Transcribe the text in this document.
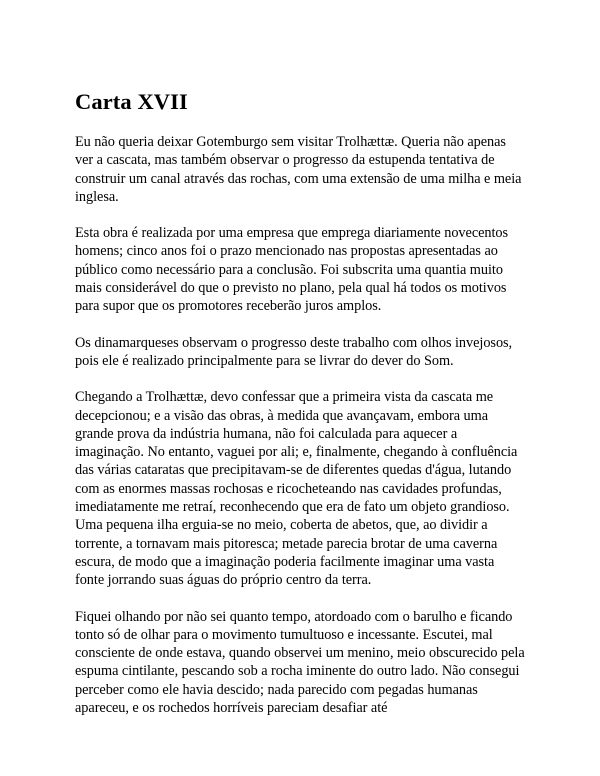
Carta XVII

Eu não queria deixar Gotemburgo sem visitar Trolhættæ. Queria não apenas ver a cascata, mas também observar o progresso da estupenda tentativa de construir um canal através das rochas, com uma extensão de uma milha e meia inglesa.

Esta obra é realizada por uma empresa que emprega diariamente novecentos homens; cinco anos foi o prazo mencionado nas propostas apresentadas ao público como necessário para a conclusão. Foi subscrita uma quantia muito mais considerável do que o previsto no plano, pela qual há todos os motivos para supor que os promotores receberão juros amplos.

Os dinamarqueses observam o progresso deste trabalho com olhos invejosos, pois ele é realizado principalmente para se livrar do dever do Som.

Chegando a Trolhættæ, devo confessar que a primeira vista da cascata me decepcionou; e a visão das obras, à medida que avançavam, embora uma grande prova da indústria humana, não foi calculada para aquecer a imaginação. No entanto, vaguei por ali; e, finalmente, chegando à confluência das várias cataratas que precipitavam-se de diferentes quedas d'água, lutando com as enormes massas rochosas e ricocheteando nas cavidades profundas, imediatamente me retraí, reconhecendo que era de fato um objeto grandioso. Uma pequena ilha erguia-se no meio, coberta de abetos, que, ao dividir a torrente, a tornavam mais pitoresca; metade parecia brotar de uma caverna escura, de modo que a imaginação poderia facilmente imaginar uma vasta fonte jorrando suas águas do próprio centro da terra.

Fiquei olhando por não sei quanto tempo, atordoado com o barulho e ficando tonto só de olhar para o movimento tumultuoso e incessante. Escutei, mal consciente de onde estava, quando observei um menino, meio obscurecido pela espuma cintilante, pescando sob a rocha iminente do outro lado. Não consegui perceber como ele havia descido; nada parecido com pegadas humanas apareceu, e os rochedos horríveis pareciam desafiar até
